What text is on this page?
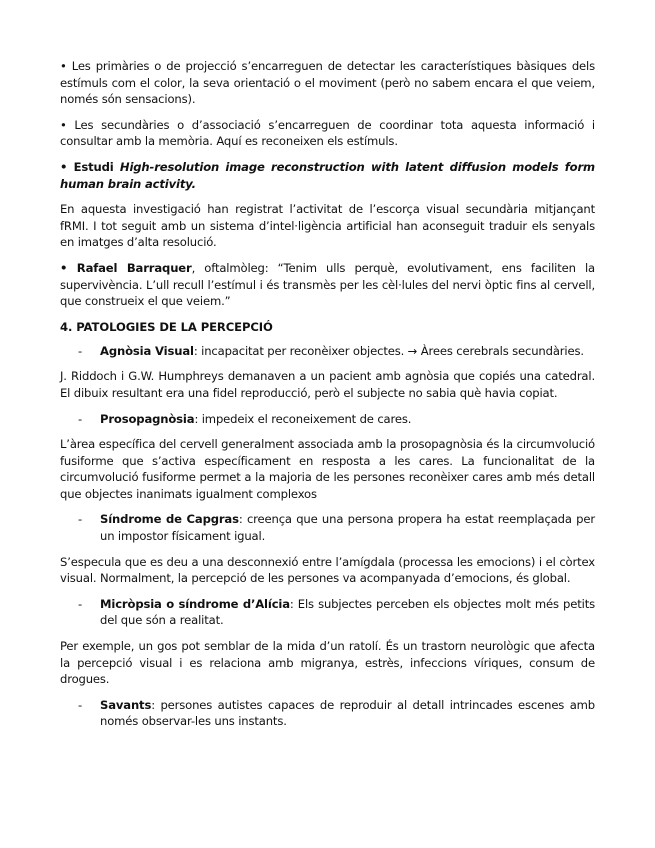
• Les primàries o de projecció s’encarreguen de detectar les característiques bàsiques dels estímuls com el color, la seva orientació o el moviment (però no sabem encara el que veiem, només són sensacions).

• Les secundàries o d’associació s’encarreguen de coordinar tota aquesta informació i consultar amb la memòria. Aquí es reconeixen els estímuls.

• Estudi High-resolution image reconstruction with latent diffusion models form human brain activity.

En aquesta investigació han registrat l’activitat de l’escorça visual secundària mitjançant fRMI. I tot seguit amb un sistema d’intel·ligència artificial han aconseguit traduir els senyals en imatges d’alta resolució.

• Rafael Barraquer, oftalmòleg: “Tenim ulls perquè, evolutivament, ens faciliten la supervivència. L’ull recull l’estímul i és transmès per les cèl·lules del nervi òptic fins al cervell, que construeix el que veiem.”

4. PATOLOGIES DE LA PERCEPCIÓ

- Agnòsia Visual: incapacitat per reconèixer objectes. → Àrees cerebrals secundàries.

J. Riddoch i G.W. Humphreys demanaven a un pacient amb agnòsia que copiés una catedral. El dibuix resultant era una fidel reproducció, però el subjecte no sabia què havia copiat.

- Prosopagnòsia: impedeix el reconeixement de cares.

L’àrea específica del cervell generalment associada amb la prosopagnòsia és la circumvolució fusiforme que s’activa específicament en resposta a les cares. La funcionalitat de la circumvolució fusiforme permet a la majoria de les persones reconèixer cares amb més detall que objectes inanimats igualment complexos

- Síndrome de Capgras: creença que una persona propera ha estat reemplaçada per un impostor físicament igual.

S’especula que es deu a una desconnexió entre l’amígdala (processa les emocions) i el còrtex visual. Normalment, la percepció de les persones va acompanyada d’emocions, és global.

- Micròpsia o síndrome d’Alícia: Els subjectes perceben els objectes molt més petits del que són a realitat.

Per exemple, un gos pot semblar de la mida d’un ratolí. És un trastorn neurològic que afecta la percepció visual i es relaciona amb migranya, estrès, infeccions víriques, consum de drogues.

- Savants: persones autistes capaces de reproduir al detall intrincades escenes amb només observar-les uns instants.
